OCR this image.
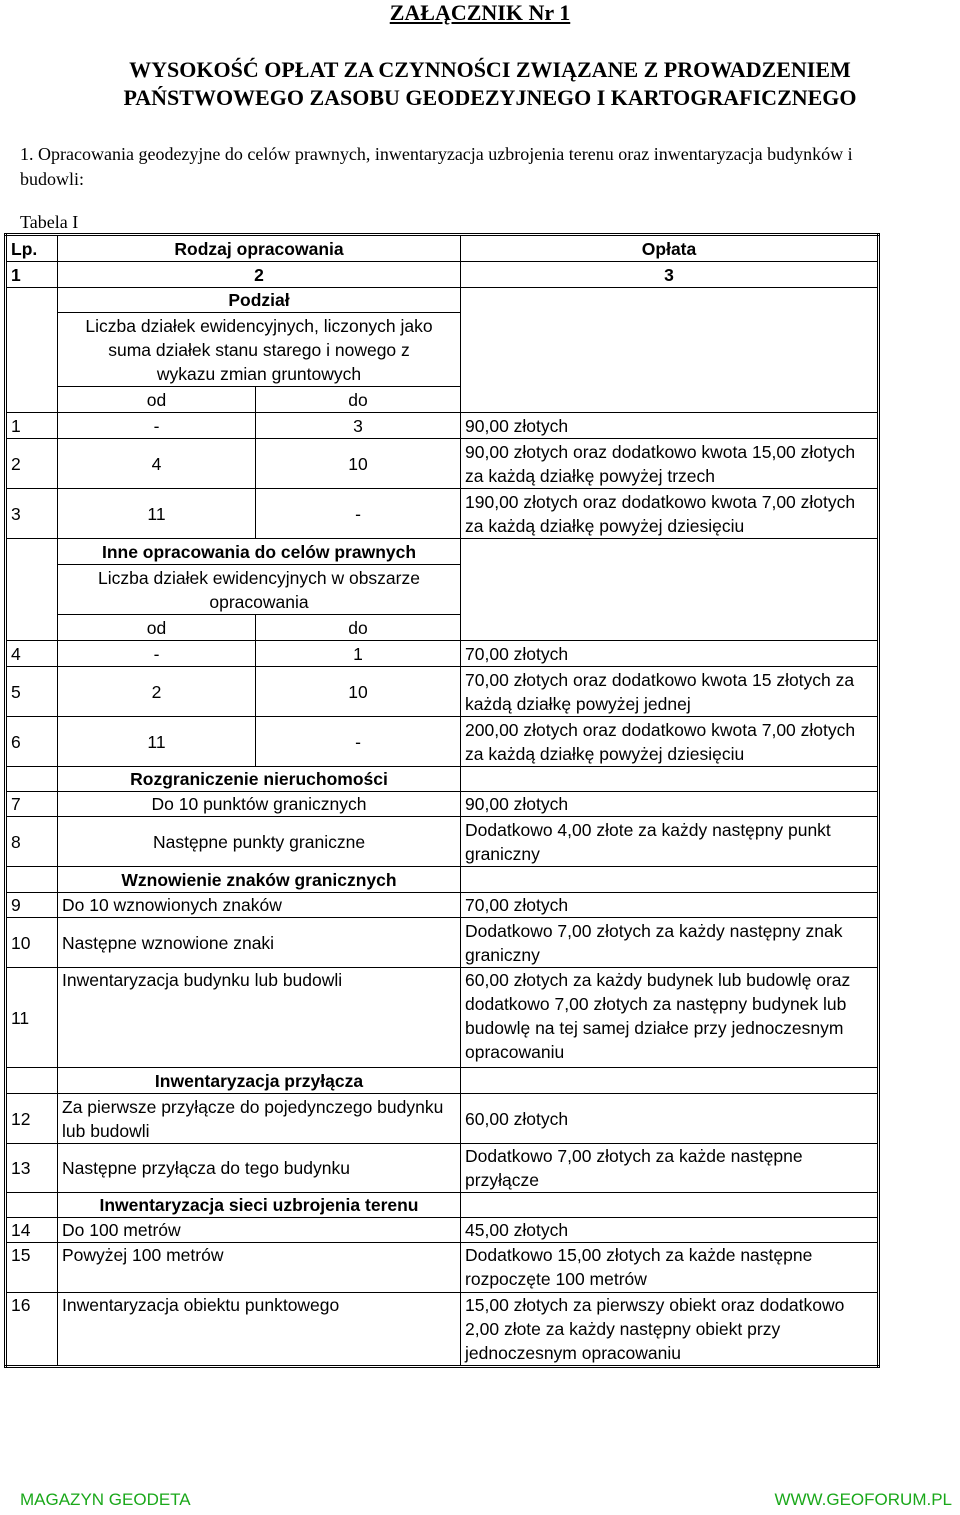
ZAŁĄCZNIK Nr 1
WYSOKOŚĆ OPŁAT ZA CZYNNOŚCI ZWIĄZANE Z PROWADZENIEM
PAŃSTWOWEGO ZASOBU GEODEZYJNEGO I KARTOGRAFICZNEGO
1. Opracowania geodezyjne do celów prawnych, inwentaryzacja uzbrojenia terenu oraz inwentaryzacja budynków i budowli:
Tabela I
Lp.	Rodzaj opracowania		Opłata
1	2		3
	Podział		
	Liczba działek ewidencyjnych, liczonych jako suma działek stanu starego i nowego z wykazu zmian gruntowych		
	od	do	
1	-	3	90,00 złotych
2	4	10	90,00 złotych oraz dodatkowo kwota 15,00 złotych za każdą działkę powyżej trzech
3	11	-	190,00 złotych oraz dodatkowo kwota 7,00 złotych za każdą działkę powyżej dziesięciu
	Inne opracowania do celów prawnych		
	Liczba działek ewidencyjnych w obszarze opracowania		
	od	do	
4	-	1	70,00 złotych
5	2	10	70,00 złotych oraz dodatkowo kwota 15 złotych za każdą działkę powyżej jednej
6	11	-	200,00 złotych oraz dodatkowo kwota 7,00 złotych za każdą działkę powyżej dziesięciu
	Rozgraniczenie nieruchomości		
7	Do 10 punktów granicznych		90,00 złotych
8	Następne punkty graniczne		Dodatkowo 4,00 złote za każdy następny punkt graniczny
	Wznowienie znaków granicznych		
9	Do 10 wznowionych znaków		70,00 złotych
10	Następne wznowione znaki		Dodatkowo 7,00 złotych za każdy następny znak graniczny
11	Inwentaryzacja budynku lub budowli		60,00 złotych za każdy budynek lub budowlę oraz dodatkowo 7,00 złotych za następny budynek lub budowlę na tej samej działce przy jednoczesnym opracowaniu
	Inwentaryzacja przyłącza		
12	Za pierwsze przyłącze do pojedynczego budynku lub budowli		60,00 złotych
13	Następne przyłącza do tego budynku		Dodatkowo 7,00 złotych za każde następne przyłącze
	Inwentaryzacja sieci uzbrojenia terenu		
14	Do 100 metrów		45,00 złotych
15	Powyżej 100 metrów		Dodatkowo 15,00 złotych za każde następne rozpoczęte 100 metrów
16	Inwentaryzacja obiektu punktowego		15,00 złotych za pierwszy obiekt oraz dodatkowo 2,00 złote za każdy następny obiekt przy jednoczesnym opracowaniu
MAGAZYN GEODETA	WWW.GEOFORUM.PL
